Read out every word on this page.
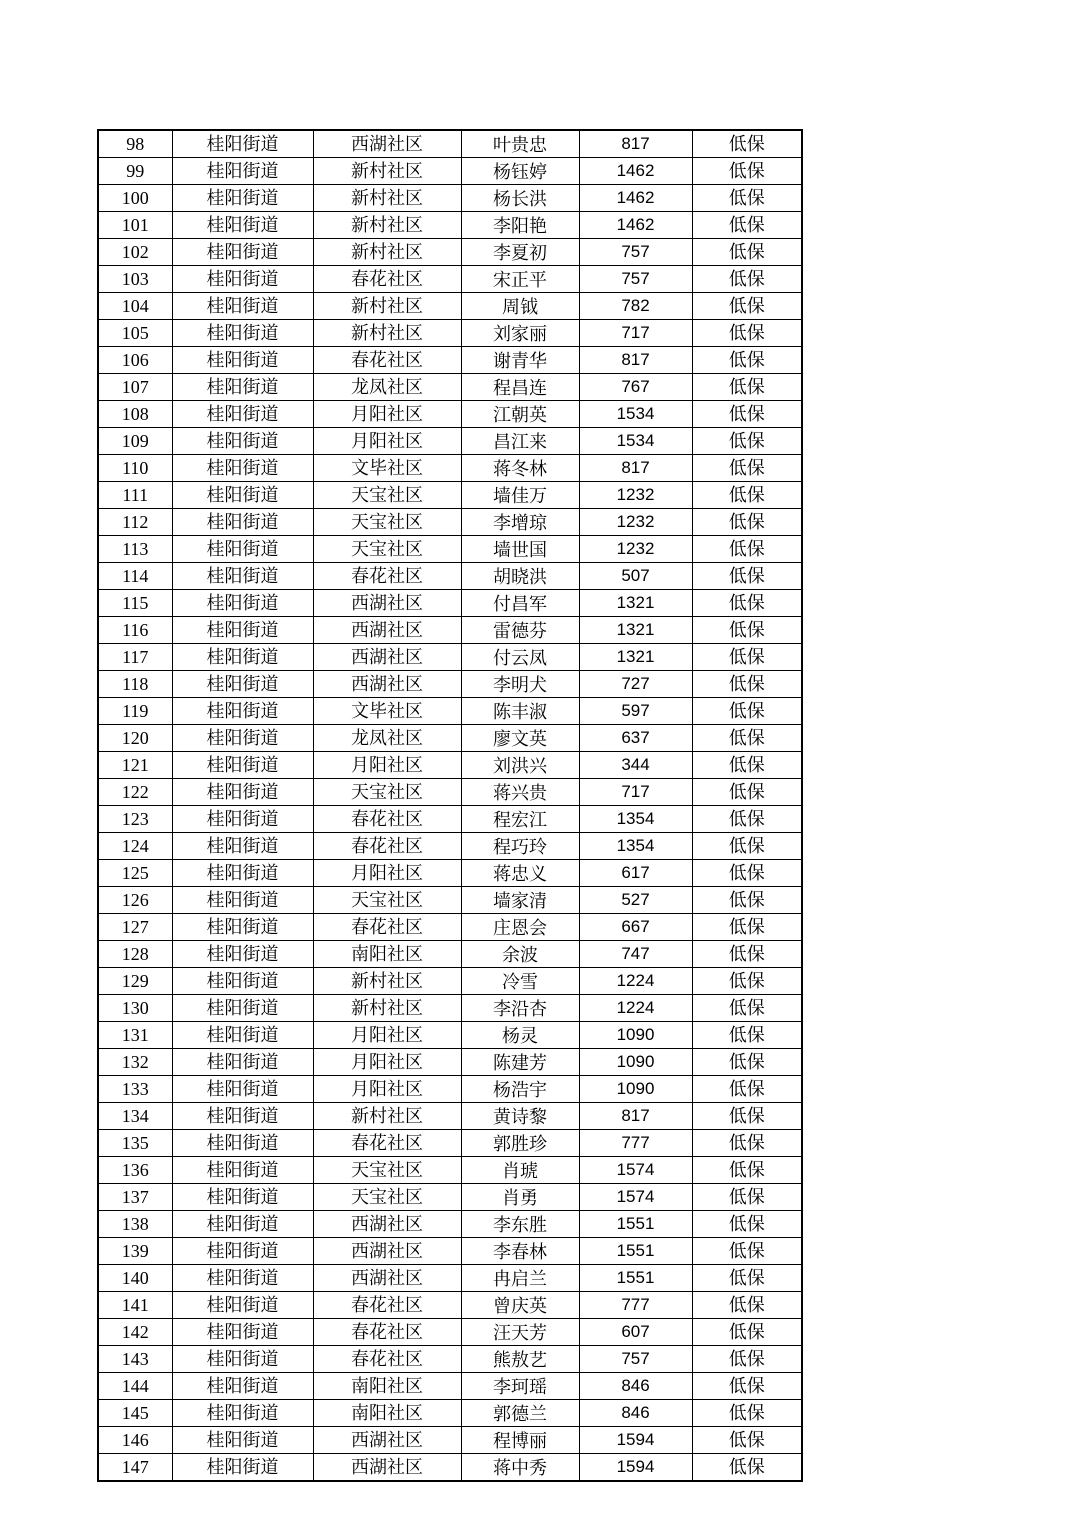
98	桂阳街道	西湖社区	叶贵忠	817	低保
99	桂阳街道	新村社区	杨钰婷	1462	低保
100	桂阳街道	新村社区	杨长洪	1462	低保
101	桂阳街道	新村社区	李阳艳	1462	低保
102	桂阳街道	新村社区	李夏初	757	低保
103	桂阳街道	春花社区	宋正平	757	低保
104	桂阳街道	新村社区	周钺	782	低保
105	桂阳街道	新村社区	刘家丽	717	低保
106	桂阳街道	春花社区	谢青华	817	低保
107	桂阳街道	龙凤社区	程昌连	767	低保
108	桂阳街道	月阳社区	江朝英	1534	低保
109	桂阳街道	月阳社区	昌江来	1534	低保
110	桂阳街道	文毕社区	蒋冬林	817	低保
111	桂阳街道	天宝社区	墙佳万	1232	低保
112	桂阳街道	天宝社区	李增琼	1232	低保
113	桂阳街道	天宝社区	墙世国	1232	低保
114	桂阳街道	春花社区	胡晓洪	507	低保
115	桂阳街道	西湖社区	付昌军	1321	低保
116	桂阳街道	西湖社区	雷德芬	1321	低保
117	桂阳街道	西湖社区	付云凤	1321	低保
118	桂阳街道	西湖社区	李明犬	727	低保
119	桂阳街道	文毕社区	陈丰淑	597	低保
120	桂阳街道	龙凤社区	廖文英	637	低保
121	桂阳街道	月阳社区	刘洪兴	344	低保
122	桂阳街道	天宝社区	蒋兴贵	717	低保
123	桂阳街道	春花社区	程宏江	1354	低保
124	桂阳街道	春花社区	程巧玲	1354	低保
125	桂阳街道	月阳社区	蒋忠义	617	低保
126	桂阳街道	天宝社区	墙家清	527	低保
127	桂阳街道	春花社区	庄恩会	667	低保
128	桂阳街道	南阳社区	余波	747	低保
129	桂阳街道	新村社区	冷雪	1224	低保
130	桂阳街道	新村社区	李沿杏	1224	低保
131	桂阳街道	月阳社区	杨灵	1090	低保
132	桂阳街道	月阳社区	陈建芳	1090	低保
133	桂阳街道	月阳社区	杨浩宇	1090	低保
134	桂阳街道	新村社区	黄诗黎	817	低保
135	桂阳街道	春花社区	郭胜珍	777	低保
136	桂阳街道	天宝社区	肖琥	1574	低保
137	桂阳街道	天宝社区	肖勇	1574	低保
138	桂阳街道	西湖社区	李东胜	1551	低保
139	桂阳街道	西湖社区	李春林	1551	低保
140	桂阳街道	西湖社区	冉启兰	1551	低保
141	桂阳街道	春花社区	曾庆英	777	低保
142	桂阳街道	春花社区	汪天芳	607	低保
143	桂阳街道	春花社区	熊敖艺	757	低保
144	桂阳街道	南阳社区	李珂瑶	846	低保
145	桂阳街道	南阳社区	郭德兰	846	低保
146	桂阳街道	西湖社区	程博丽	1594	低保
147	桂阳街道	西湖社区	蒋中秀	1594	低保
